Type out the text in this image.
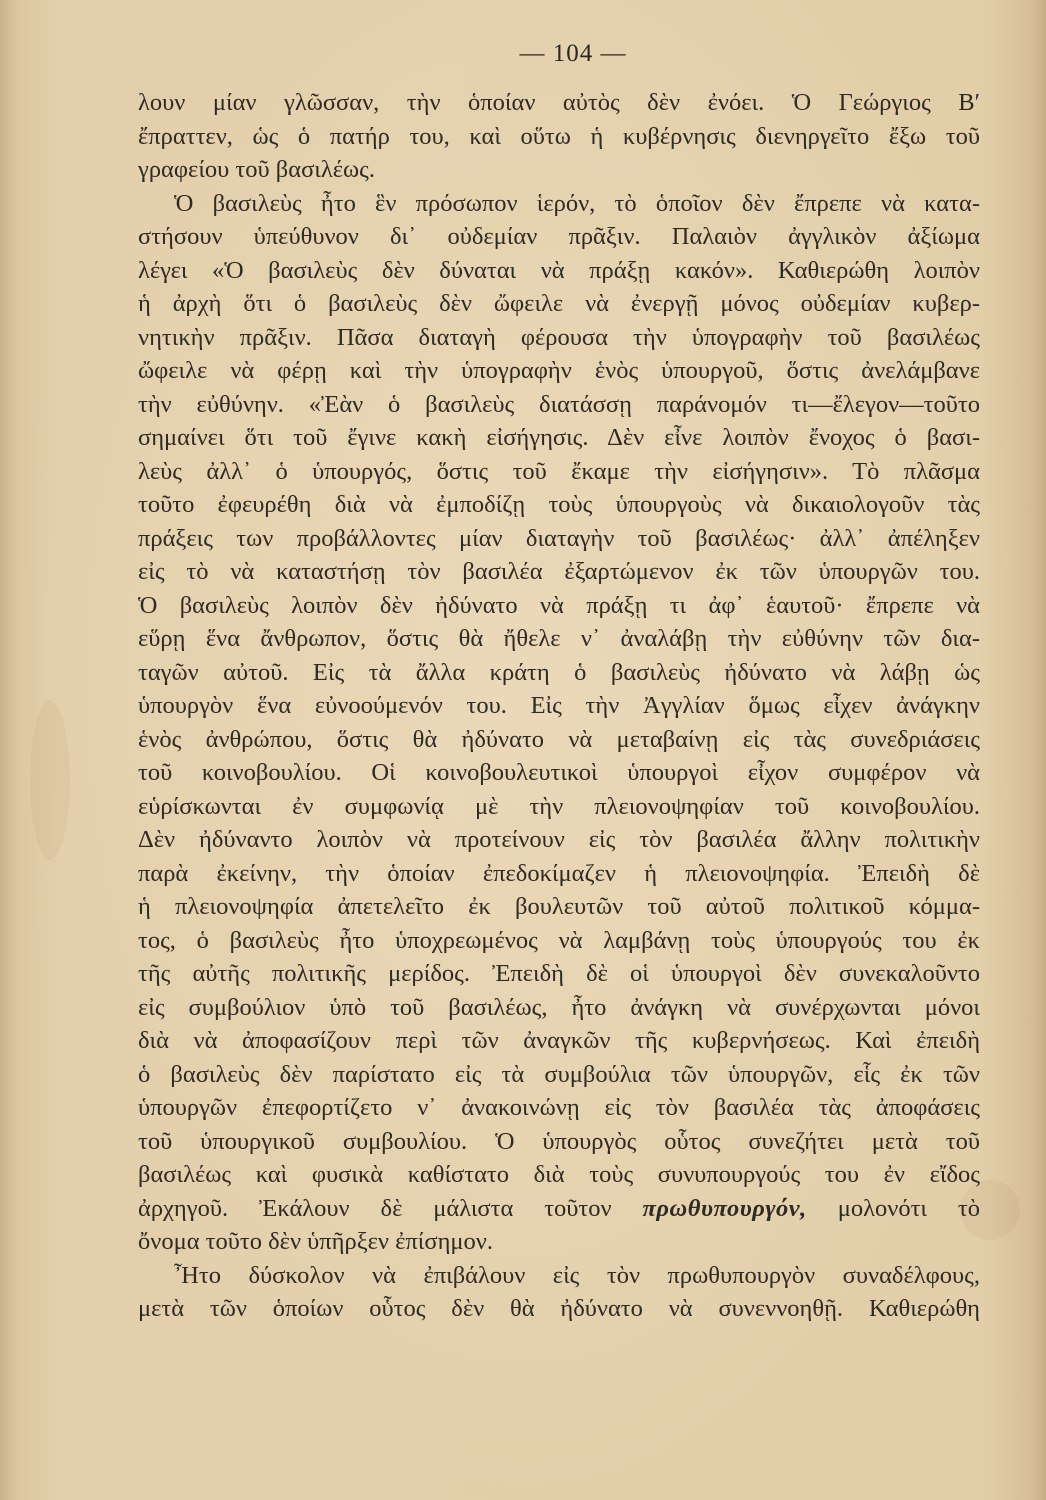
— 104 —
λουν μίαν γλῶσσαν, τὴν ὁποίαν αὐτὸς δὲν ἐνόει. Ὁ Γεώργιος Β′
ἔπραττεν, ὡς ὁ πατήρ του, καὶ οὕτω ἡ κυβέρνησις διενηργεῖτο ἔξω τοῦ
γραφείου τοῦ βασιλέως.
Ὁ βασιλεὺς ἦτο ἓν πρόσωπον ἱερόν, τὸ ὁποῖον δὲν ἔπρεπε νὰ κατα-
στήσουν ὑπεύθυνον δι᾽ οὐδεμίαν πρᾶξιν. Παλαιὸν ἀγγλικὸν ἀξίωμα
λέγει «Ὁ βασιλεὺς δὲν δύναται νὰ πράξῃ κακόν». Καθιερώθη λοιπὸν
ἡ ἀρχὴ ὅτι ὁ βασιλεὺς δὲν ὤφειλε νὰ ἐνεργῇ μόνος οὐδεμίαν κυβερ-
νητικὴν πρᾶξιν. Πᾶσα διαταγὴ φέρουσα τὴν ὑπογραφὴν τοῦ βασιλέως
ὤφειλε νὰ φέρῃ καὶ τὴν ὑπογραφὴν ἑνὸς ὑπουργοῦ, ὅστις ἀνελάμβανε
τὴν εὐθύνην. «Ἐὰν ὁ βασιλεὺς διατάσσῃ παράνομόν τι—ἔλεγον—τοῦτο
σημαίνει ὅτι τοῦ ἔγινε κακὴ εἰσήγησις. Δὲν εἶνε λοιπὸν ἔνοχος ὁ βασι-
λεὺς ἀλλ᾽ ὁ ὑπουργός, ὅστις τοῦ ἔκαμε τὴν εἰσήγησιν». Τὸ πλᾶσμα
τοῦτο ἐφευρέθη διὰ νὰ ἐμποδίζῃ τοὺς ὑπουργοὺς νὰ δικαιολογοῦν τὰς
πράξεις των προβάλλοντες μίαν διαταγὴν τοῦ βασιλέως· ἀλλ᾽ ἀπέληξεν
εἰς τὸ νὰ καταστήσῃ τὸν βασιλέα ἐξαρτώμενον ἐκ τῶν ὑπουργῶν του.
Ὁ βασιλεὺς λοιπὸν δὲν ἠδύνατο νὰ πράξῃ τι ἀφ᾽ ἑαυτοῦ· ἔπρεπε νὰ
εὕρῃ ἕνα ἄνθρωπον, ὅστις θὰ ἤθελε ν᾽ ἀναλάβῃ τὴν εὐθύνην τῶν δια-
ταγῶν αὐτοῦ. Εἰς τὰ ἄλλα κράτη ὁ βασιλεὺς ἠδύνατο νὰ λάβῃ ὡς
ὑπουργὸν ἕνα εὐνοούμενόν του. Εἰς τὴν Ἀγγλίαν ὅμως εἶχεν ἀνάγκην
ἑνὸς ἀνθρώπου, ὅστις θὰ ἠδύνατο νὰ μεταβαίνῃ εἰς τὰς συνεδριάσεις
τοῦ κοινοβουλίου. Οἱ κοινοβουλευτικοὶ ὑπουργοὶ εἶχον συμφέρον νὰ
εὑρίσκωνται ἐν συμφωνίᾳ μὲ τὴν πλειονοψηφίαν τοῦ κοινοβουλίου.
Δὲν ἠδύναντο λοιπὸν νὰ προτείνουν εἰς τὸν βασιλέα ἄλλην πολιτικὴν
παρὰ ἐκείνην, τὴν ὁποίαν ἐπεδοκίμαζεν ἡ πλειονοψηφία. Ἐπειδὴ δὲ
ἡ πλειονοψηφία ἀπετελεῖτο ἐκ βουλευτῶν τοῦ αὐτοῦ πολιτικοῦ κόμμα-
τος, ὁ βασιλεὺς ἦτο ὑποχρεωμένος νὰ λαμβάνῃ τοὺς ὑπουργούς του ἐκ
τῆς αὐτῆς πολιτικῆς μερίδος. Ἐπειδὴ δὲ οἱ ὑπουργοὶ δὲν συνεκαλοῦντο
εἰς συμβούλιον ὑπὸ τοῦ βασιλέως, ἦτο ἀνάγκη νὰ συνέρχωνται μόνοι
διὰ νὰ ἀποφασίζουν περὶ τῶν ἀναγκῶν τῆς κυβερνήσεως. Καὶ ἐπειδὴ
ὁ βασιλεὺς δὲν παρίστατο εἰς τὰ συμβούλια τῶν ὑπουργῶν, εἷς ἐκ τῶν
ὑπουργῶν ἐπεφορτίζετο ν᾽ ἀνακοινώνῃ εἰς τὸν βασιλέα τὰς ἀποφάσεις
τοῦ ὑπουργικοῦ συμβουλίου. Ὁ ὑπουργὸς οὗτος συνεζήτει μετὰ τοῦ
βασιλέως καὶ φυσικὰ καθίστατο διὰ τοὺς συνυπουργούς του ἐν εἴδος
ἀρχηγοῦ. Ἐκάλουν δὲ μάλιστα τοῦτον πρωθυπουργόν, μολονότι τὸ
ὄνομα τοῦτο δὲν ὑπῆρξεν ἐπίσημον.
Ἦτο δύσκολον νὰ ἐπιβάλουν εἰς τὸν πρωθυπουργὸν συναδέλφους,
μετὰ τῶν ὁποίων οὗτος δὲν θὰ ἠδύνατο νὰ συνεννοηθῇ. Καθιερώθη
